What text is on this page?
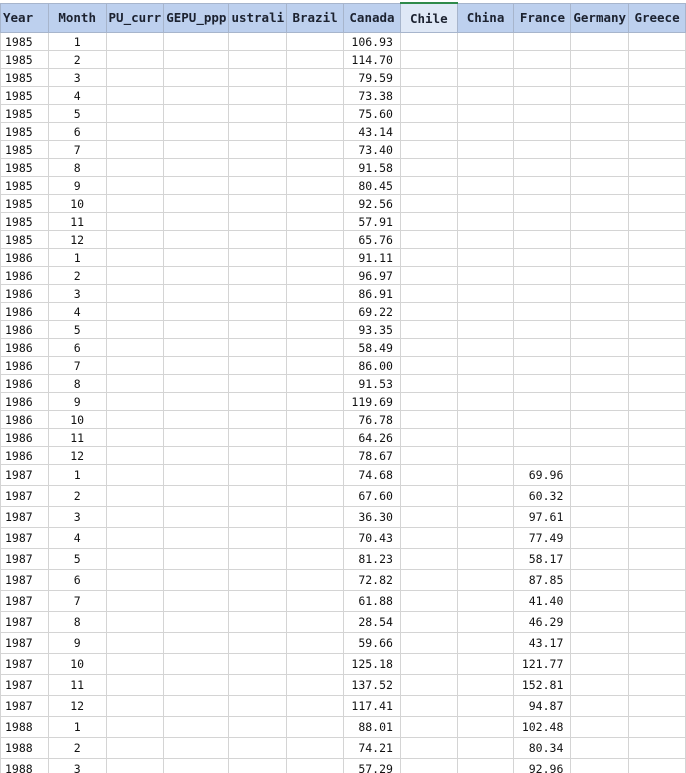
Year	Month	PU_curr	GEPU_ppp	ustrali	Brazil	Canada	Chile	China	France	Germany	Greece
1985	1					106.93					
1985	2					114.70					
1985	3					79.59					
1985	4					73.38					
1985	5					75.60					
1985	6					43.14					
1985	7					73.40					
1985	8					91.58					
1985	9					80.45					
1985	10					92.56					
1985	11					57.91					
1985	12					65.76					
1986	1					91.11					
1986	2					96.97					
1986	3					86.91					
1986	4					69.22					
1986	5					93.35					
1986	6					58.49					
1986	7					86.00					
1986	8					91.53					
1986	9					119.69					
1986	10					76.78					
1986	11					64.26					
1986	12					78.67					
1987	1					74.68			69.96		
1987	2					67.60			60.32		
1987	3					36.30			97.61		
1987	4					70.43			77.49		
1987	5					81.23			58.17		
1987	6					72.82			87.85		
1987	7					61.88			41.40		
1987	8					28.54			46.29		
1987	9					59.66			43.17		
1987	10					125.18			121.77		
1987	11					137.52			152.81		
1987	12					117.41			94.87		
1988	1					88.01			102.48		
1988	2					74.21			80.34		
1988	3					57.29			92.96		
